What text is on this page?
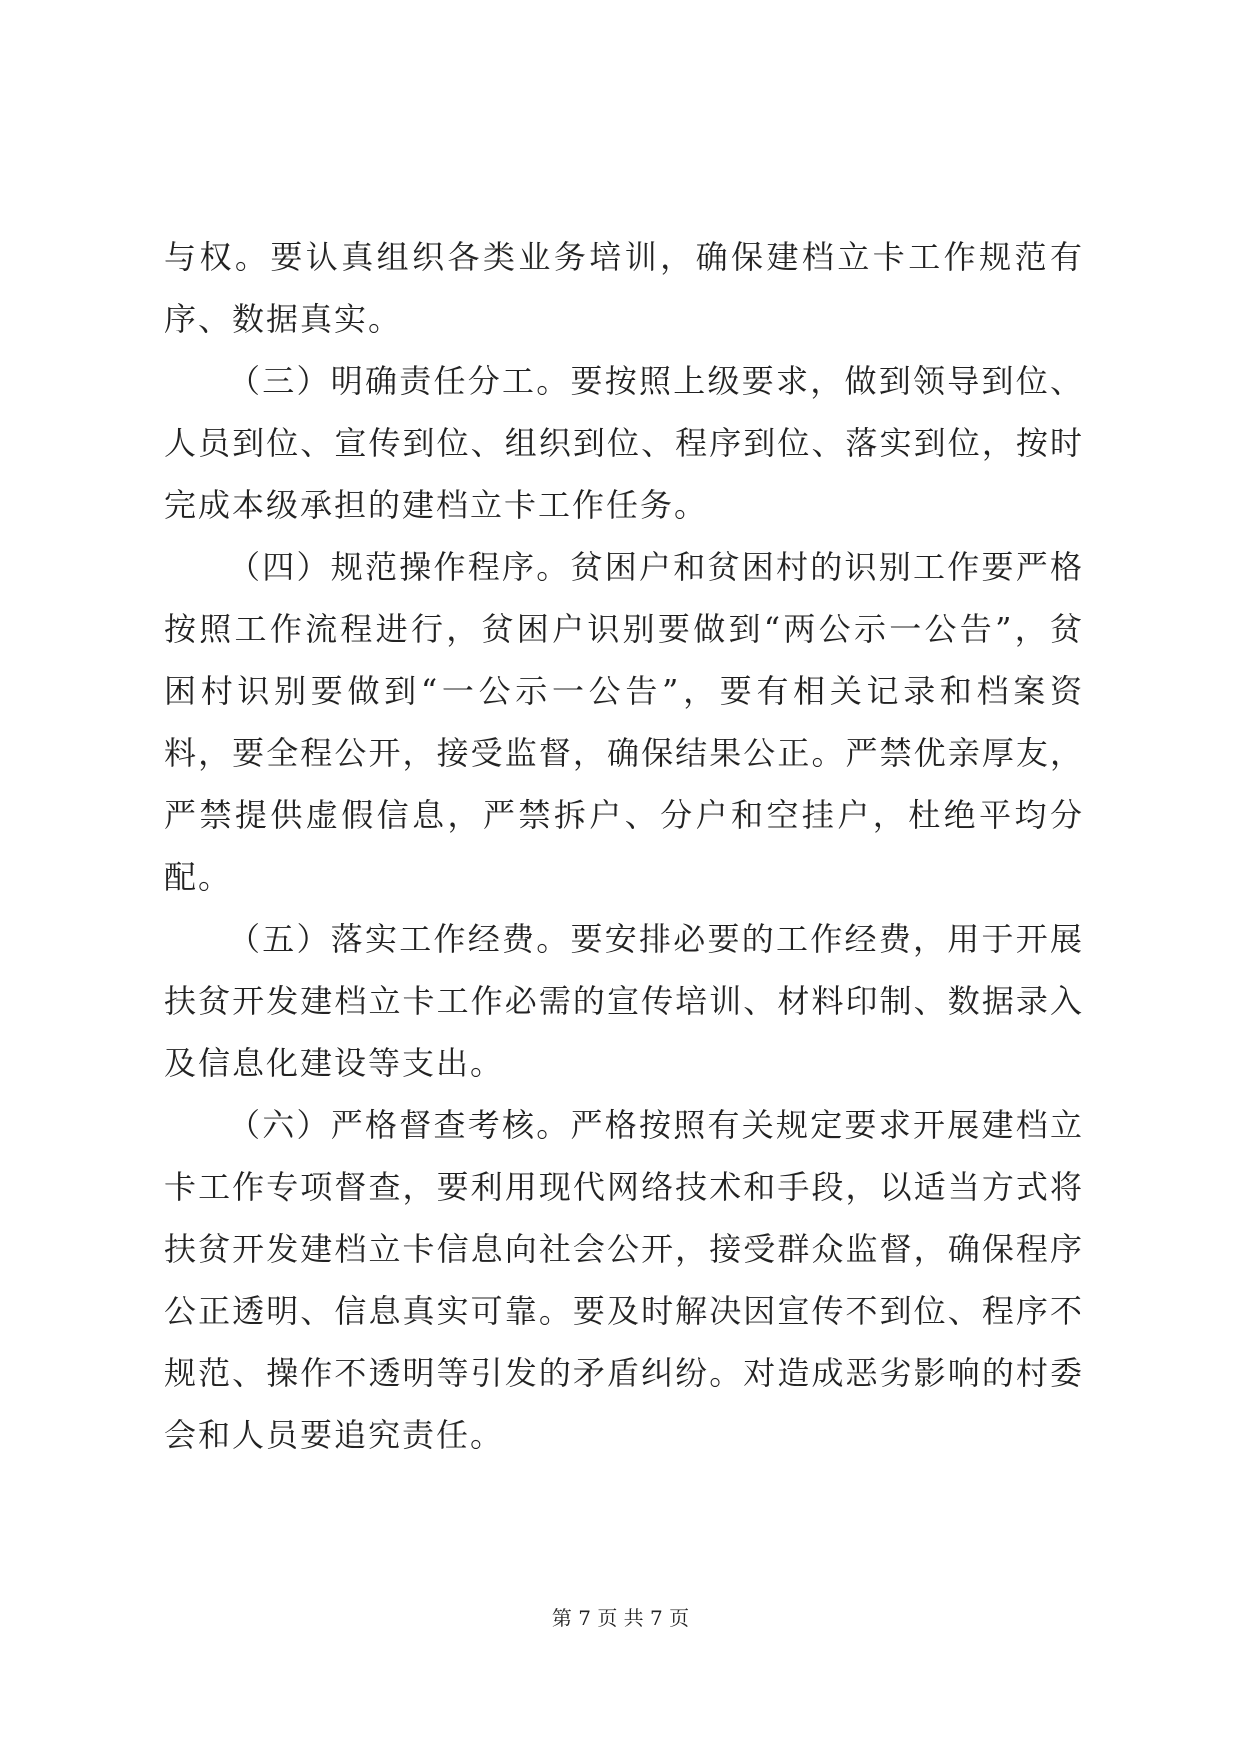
与权。要认真组织各类业务培训，确保建档立卡工作规范有序、数据真实。

（三）明确责任分工。要按照上级要求，做到领导到位、人员到位、宣传到位、组织到位、程序到位、落实到位，按时完成本级承担的建档立卡工作任务。

（四）规范操作程序。贫困户和贫困村的识别工作要严格按照工作流程进行，贫困户识别要做到“两公示一公告”，贫困村识别要做到“一公示一公告”，要有相关记录和档案资料，要全程公开，接受监督，确保结果公正。严禁优亲厚友，严禁提供虚假信息，严禁拆户、分户和空挂户，杜绝平均分配。

（五）落实工作经费。要安排必要的工作经费，用于开展扶贫开发建档立卡工作必需的宣传培训、材料印制、数据录入及信息化建设等支出。

（六）严格督查考核。严格按照有关规定要求开展建档立卡工作专项督查，要利用现代网络技术和手段，以适当方式将扶贫开发建档立卡信息向社会公开，接受群众监督，确保程序公正透明、信息真实可靠。要及时解决因宣传不到位、程序不规范、操作不透明等引发的矛盾纠纷。对造成恶劣影响的村委会和人员要追究责任。

第 7 页 共 7 页
